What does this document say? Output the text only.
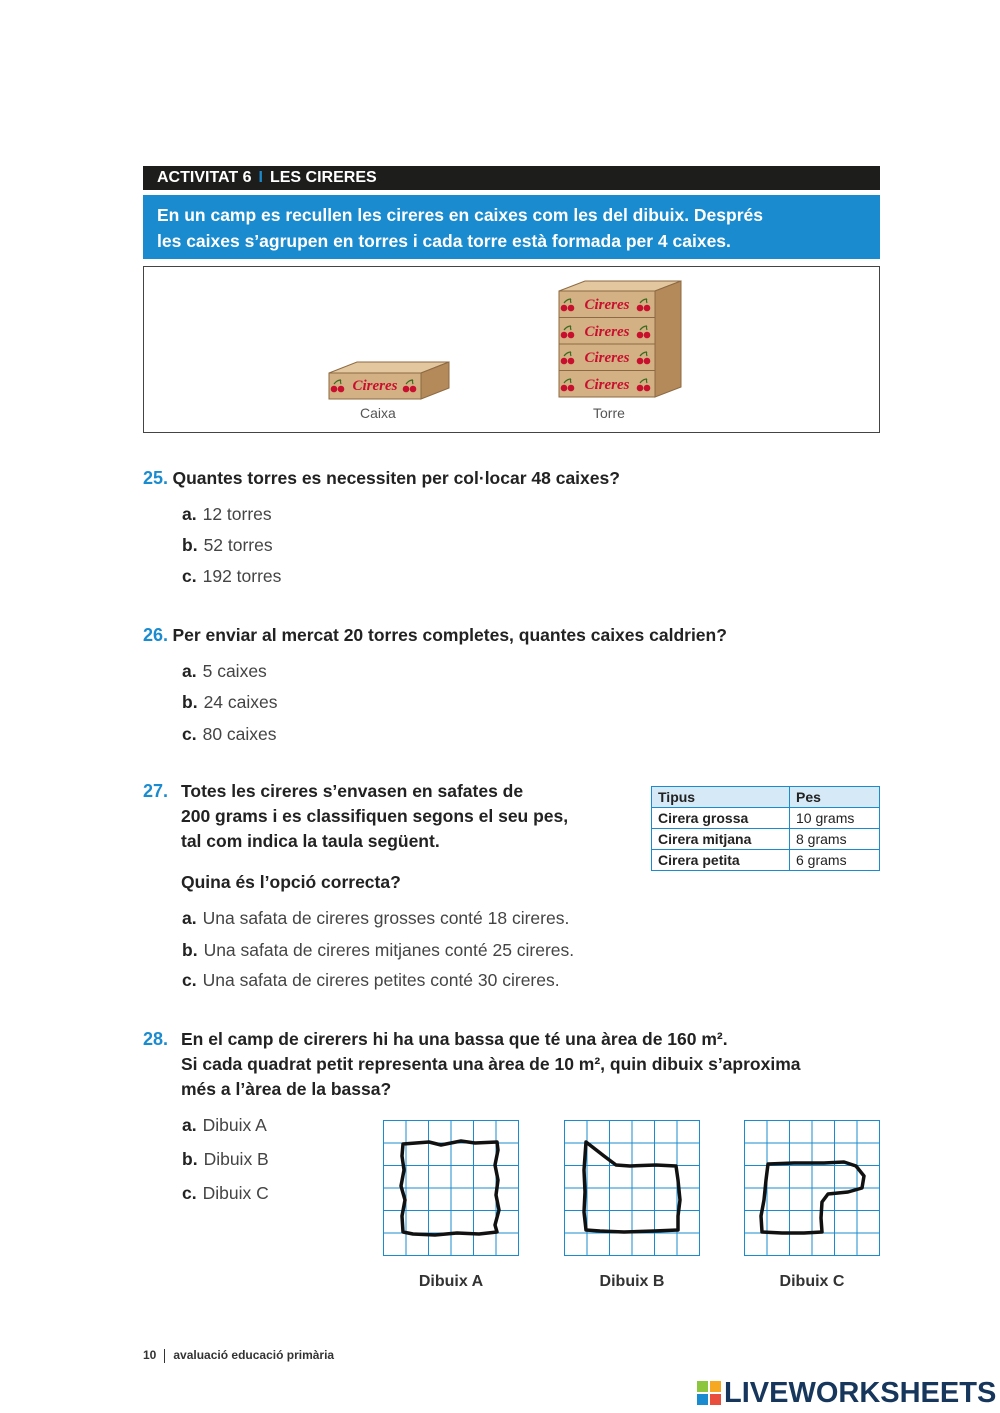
ACTIVITAT 6 I LES CIRERES
En un camp es recullen les cireres en caixes com les del dibuix. Després
les caixes s’agrupen en torres i cada torre està formada per 4 caixes.
Cireres
Cireres
Cireres
Cireres
Cireres
Caixa	Torre
25. Quantes torres es necessiten per col·locar 48 caixes?
a. 12 torres
b. 52 torres
c. 192 torres
26. Per enviar al mercat 20 torres completes, quantes caixes caldrien?
a. 5 caixes
b. 24 caixes
c. 80 caixes
27. Totes les cireres s’envasen en safates de
200 grams i es classifiquen segons el seu pes,
tal com indica la taula següent.
Quina és l’opció correcta?
Tipus	Pes
Cirera grossa	10 grams
Cirera mitjana	8 grams
Cirera petita	6 grams
a. Una safata de cireres grosses conté 18 cireres.
b. Una safata de cireres mitjanes conté 25 cireres.
c. Una safata de cireres petites conté 30 cireres.
28. En el camp de cirerers hi ha una bassa que té una àrea de 160 m².
Si cada quadrat petit representa una àrea de 10 m², quin dibuix s’aproxima
més a l’àrea de la bassa?
a. Dibuix A
b. Dibuix B
c. Dibuix C
Dibuix A	Dibuix B	Dibuix C
10 avaluació educació primària
LIVEWORKSHEETS
